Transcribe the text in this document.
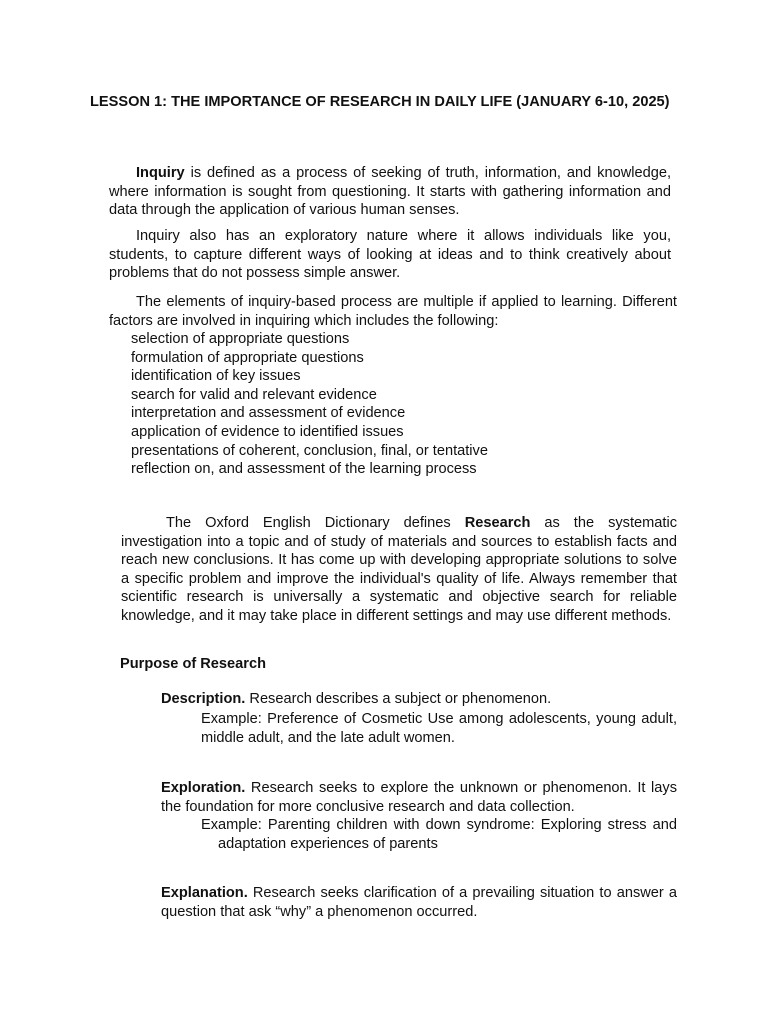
LESSON 1: THE IMPORTANCE OF RESEARCH IN DAILY LIFE (JANUARY 6-10, 2025)

Inquiry is defined as a process of seeking of truth, information, and knowledge, where information is sought from questioning. It starts with gathering information and data through the application of various human senses.

Inquiry also has an exploratory nature where it allows individuals like you, students, to capture different ways of looking at ideas and to think creatively about problems that do not possess simple answer.

The elements of inquiry-based process are multiple if applied to learning. Different factors are involved in inquiring which includes the following:

selection of appropriate questions
formulation of appropriate questions
identification of key issues
search for valid and relevant evidence
interpretation and assessment of evidence
application of evidence to identified issues
presentations of coherent, conclusion, final, or tentative
reflection on, and assessment of the learning process

The Oxford English Dictionary defines Research as the systematic investigation into a topic and of study of materials and sources to establish facts and reach new conclusions. It has come up with developing appropriate solutions to solve a specific problem and improve the individual's quality of life. Always remember that scientific research is universally a systematic and objective search for reliable knowledge, and it may take place in different settings and may use different methods.

Purpose of Research

Description. Research describes a subject or phenomenon.

Example: Preference of Cosmetic Use among adolescents, young adult, middle adult, and the late adult women.

Exploration. Research seeks to explore the unknown or phenomenon. It lays the foundation for more conclusive research and data collection.

Example: Parenting children with down syndrome: Exploring stress and
adaptation experiences of parents

Explanation. Research seeks clarification of a prevailing situation to answer a question that ask “why” a phenomenon occurred.
